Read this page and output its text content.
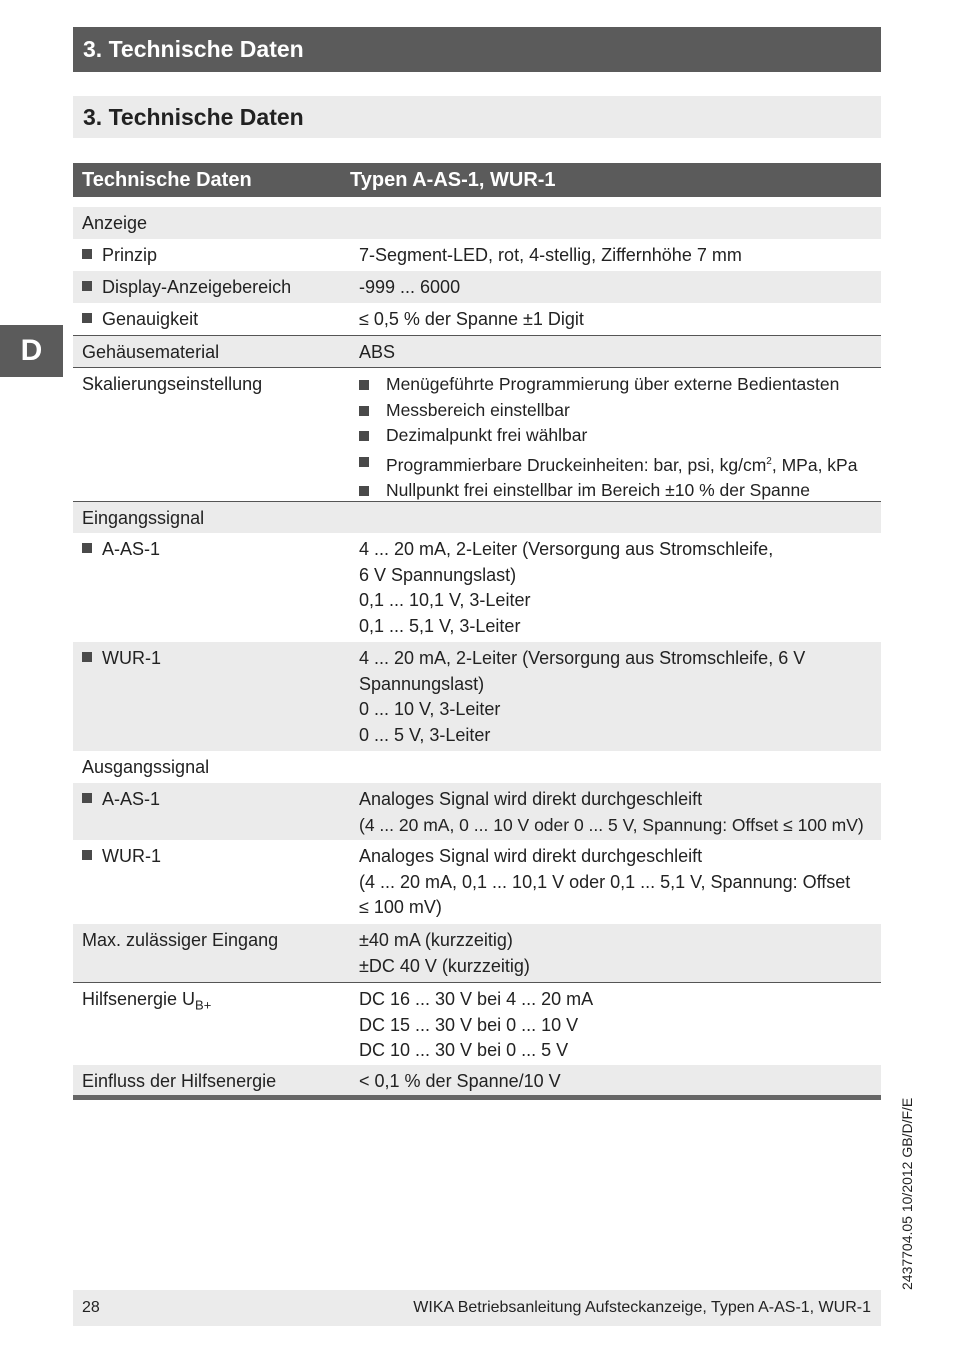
3. Technische Daten
3. Technische Daten
D
Technische Daten	Typen A-AS-1, WUR-1
Anzeige
Prinzip	7-Segment-LED, rot, 4-stellig, Ziffernhöhe 7 mm
Display-Anzeigebereich	-999 ... 6000
Genauigkeit	≤ 0,5 % der Spanne ±1 Digit
Gehäusematerial	ABS
Skalierungseinstellung	Menügeführte Programmierung über externe Bedientasten
Messbereich einstellbar
Dezimalpunkt frei wählbar
Programmierbare Druckeinheiten: bar, psi, $kg/cm^2$, MPa, kPa
Nullpunkt frei einstellbar im Bereich ±10 % der Spanne
Eingangssignal
A-AS-1	4 ... 20 mA, 2-Leiter (Versorgung aus Stromschleife,
6 V Spannungslast)
0,1 ... 10,1 V, 3-Leiter
0,1 ... 5,1 V, 3-Leiter
WUR-1	4 ... 20 mA, 2-Leiter (Versorgung aus Stromschleife, 6 V
Spannungslast)
0 ... 10 V, 3-Leiter
0 ... 5 V, 3-Leiter
Ausgangssignal
A-AS-1	Analoges Signal wird direkt durchgeschleift
(4 ... 20 mA, 0 ... 10 V oder 0 ... 5 V, Spannung: Offset ≤ 100 mV)
WUR-1	Analoges Signal wird direkt durchgeschleift
(4 ... 20 mA, 0,1 ... 10,1 V oder 0,1 ... 5,1 V, Spannung: Offset
≤ 100 mV)
Max. zulässiger Eingang	±40 mA (kurzzeitig)
±DC 40 V (kurzzeitig)
Hilfsenergie $U_{B+}$	DC 16 ... 30 V bei 4 ... 20 mA
DC 15 ... 30 V bei 0 ... 10 V
DC 10 ... 30 V bei 0 ... 5 V
Einfluss der Hilfsenergie	< 0,1 % der Spanne/10 V
2437704.05 10/2012 GB/D/F/E
28	WIKA Betriebsanleitung Aufsteckanzeige, Typen A-AS-1, WUR-1
